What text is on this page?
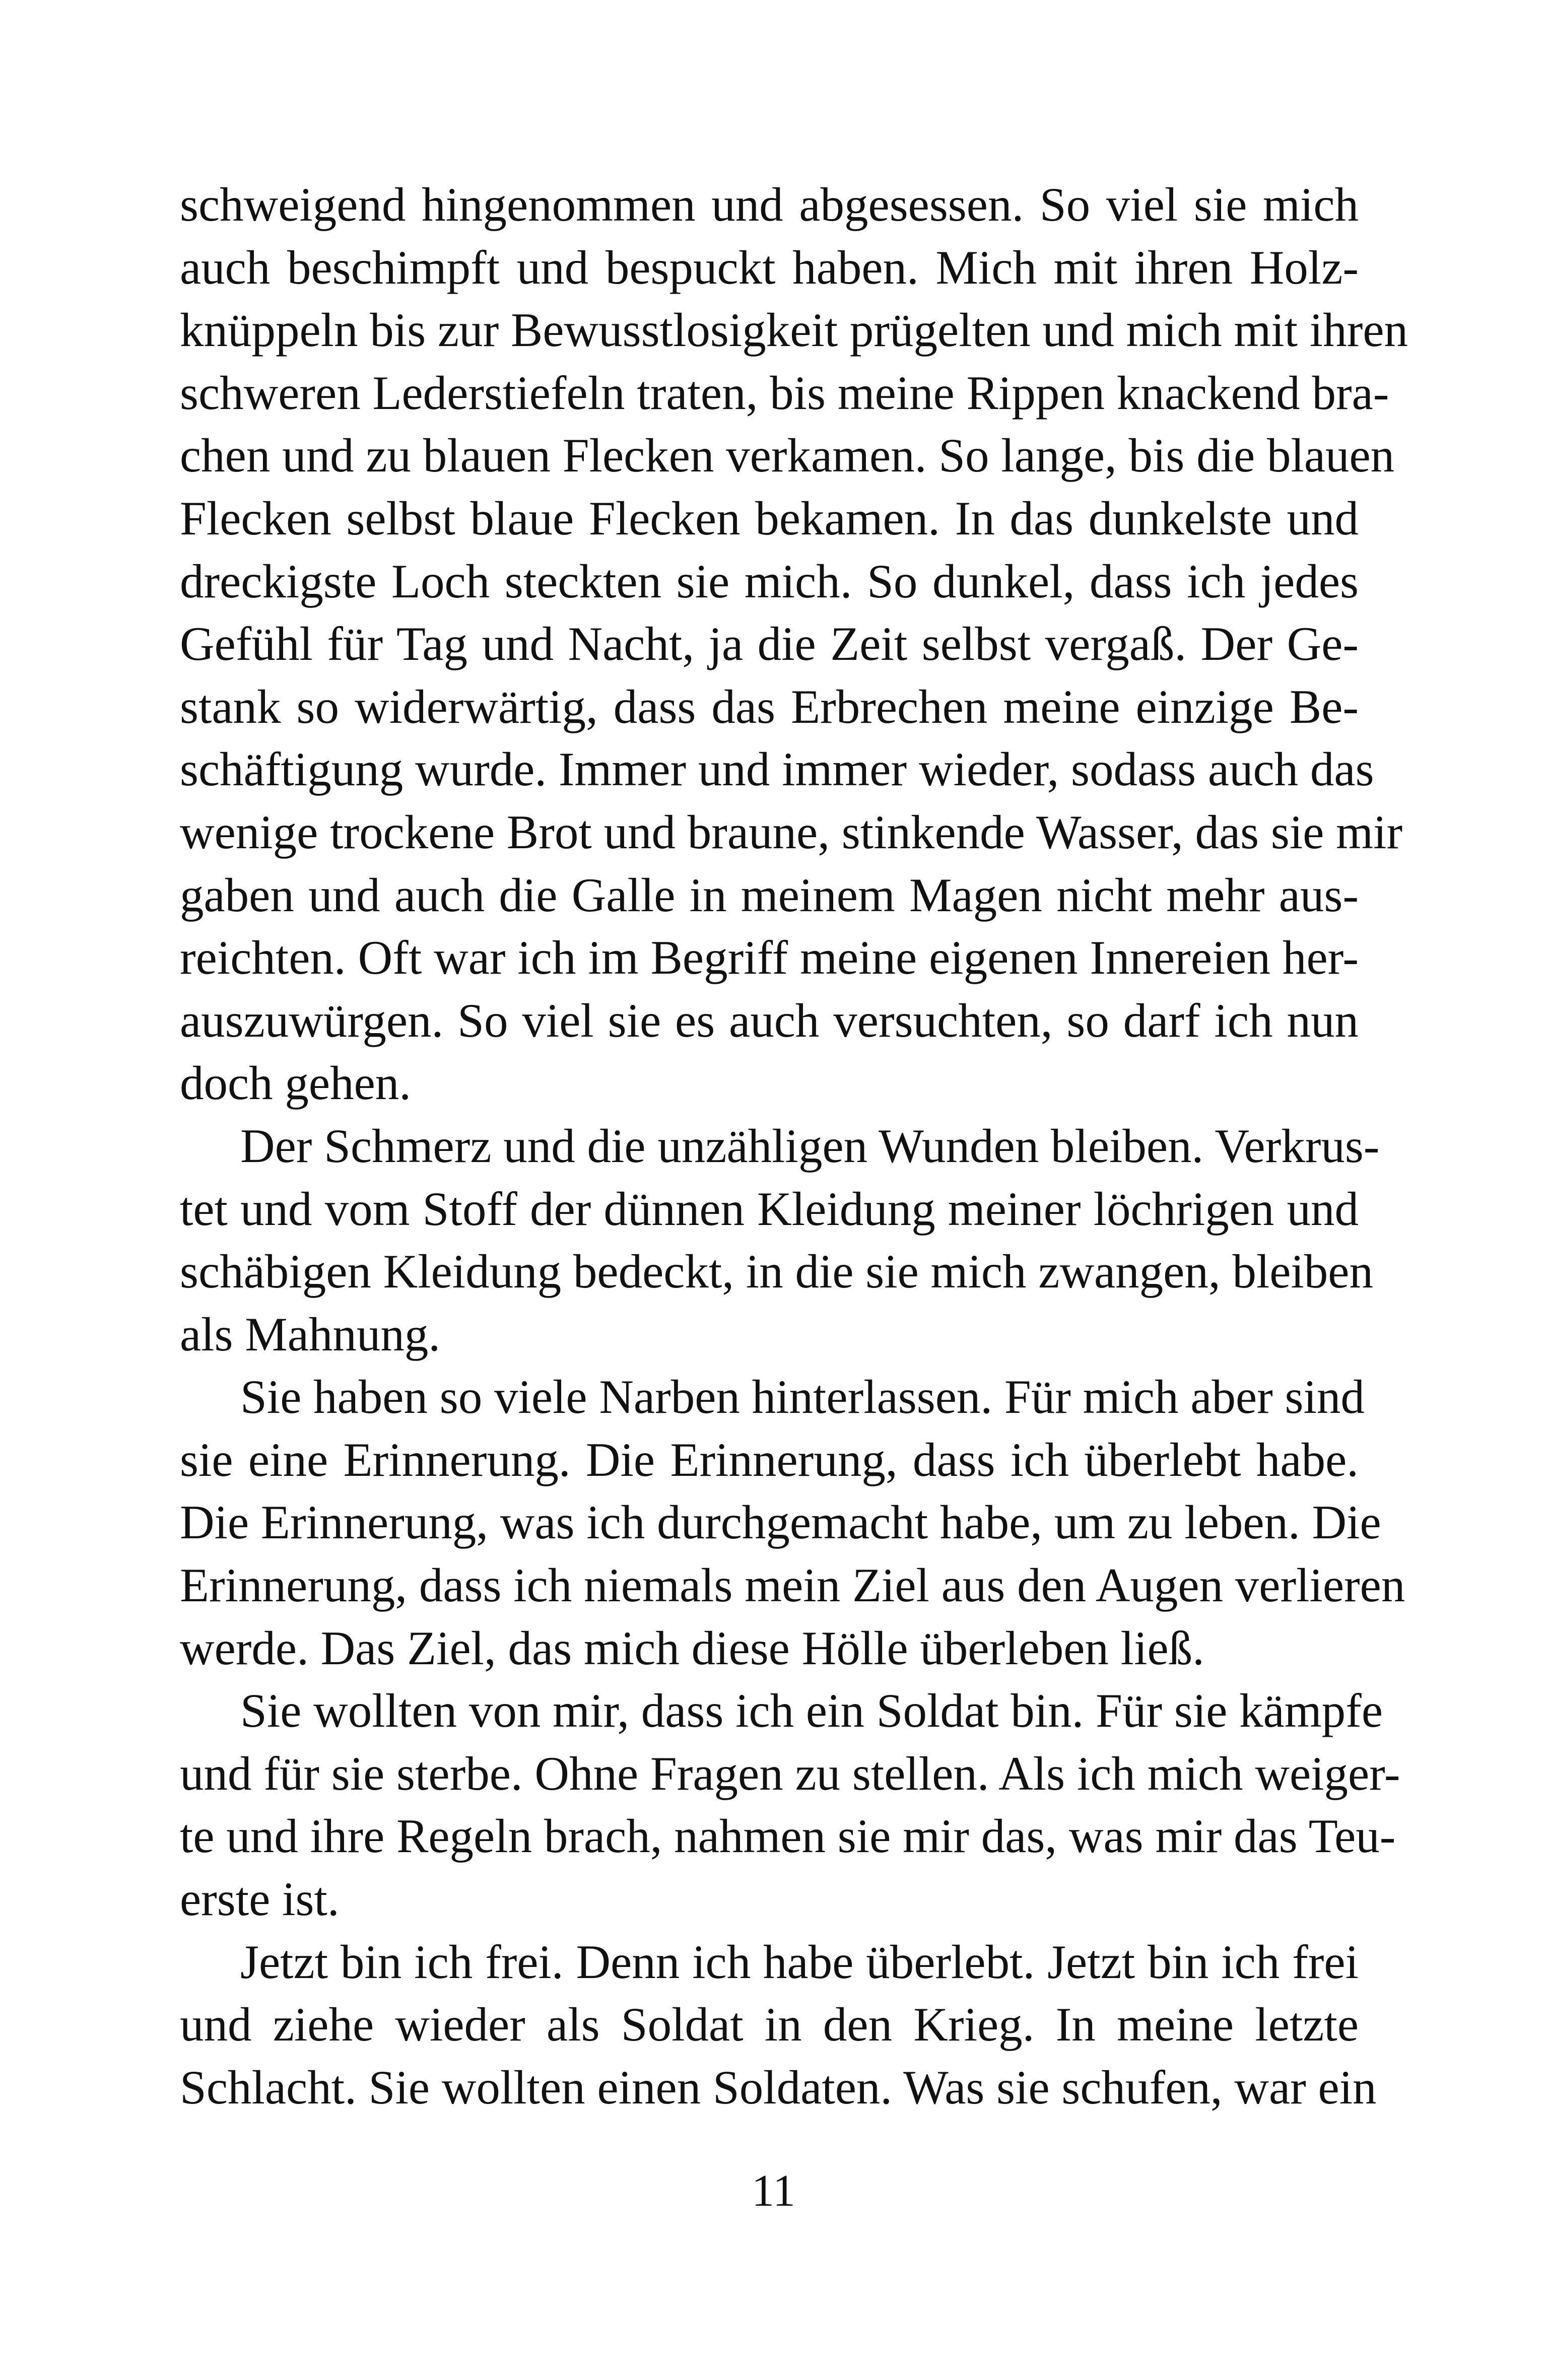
schweigend hingenommen und abgesessen. So viel sie mich
auch beschimpft und bespuckt haben. Mich mit ihren Holz-
knüppeln bis zur Bewusstlosigkeit prügelten und mich mit ihren
schweren Lederstiefeln traten, bis meine Rippen knackend bra-
chen und zu blauen Flecken verkamen. So lange, bis die blauen
Flecken selbst blaue Flecken bekamen. In das dunkelste und
dreckigste Loch steckten sie mich. So dunkel, dass ich jedes
Gefühl für Tag und Nacht, ja die Zeit selbst vergaß. Der Ge-
stank so widerwärtig, dass das Erbrechen meine einzige Be-
schäftigung wurde. Immer und immer wieder, sodass auch das
wenige trockene Brot und braune, stinkende Wasser, das sie mir
gaben und auch die Galle in meinem Magen nicht mehr aus-
reichten. Oft war ich im Begriff meine eigenen Innereien her-
auszuwürgen. So viel sie es auch versuchten, so darf ich nun
doch gehen.
Der Schmerz und die unzähligen Wunden bleiben. Verkrus-
tet und vom Stoff der dünnen Kleidung meiner löchrigen und
schäbigen Kleidung bedeckt, in die sie mich zwangen, bleiben
als Mahnung.
Sie haben so viele Narben hinterlassen. Für mich aber sind
sie eine Erinnerung. Die Erinnerung, dass ich überlebt habe.
Die Erinnerung, was ich durchgemacht habe, um zu leben. Die
Erinnerung, dass ich niemals mein Ziel aus den Augen verlieren
werde. Das Ziel, das mich diese Hölle überleben ließ.
Sie wollten von mir, dass ich ein Soldat bin. Für sie kämpfe
und für sie sterbe. Ohne Fragen zu stellen. Als ich mich weiger-
te und ihre Regeln brach, nahmen sie mir das, was mir das Teu-
erste ist.
Jetzt bin ich frei. Denn ich habe überlebt. Jetzt bin ich frei
und ziehe wieder als Soldat in den Krieg. In meine letzte
Schlacht. Sie wollten einen Soldaten. Was sie schufen, war ein
11
